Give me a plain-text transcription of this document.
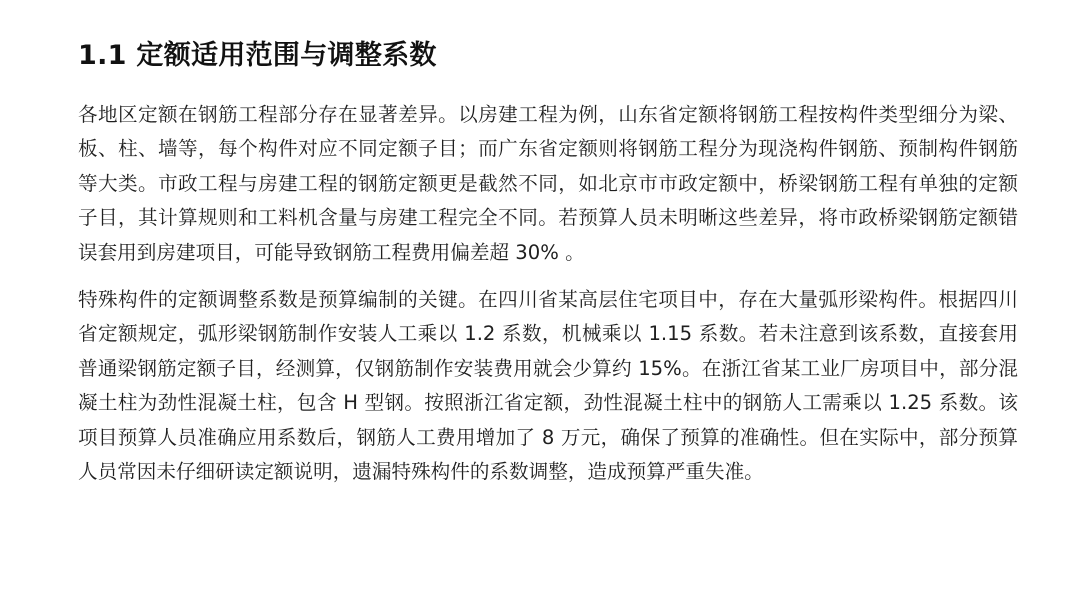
1.1 定额适用范围与调整系数

各地区定额在钢筋工程部分存在显著差异。以房建工程为例，山东省定额将钢筋工程按构件类型细分为梁、板、柱、墙等，每个构件对应不同定额子目；而广东省定额则将钢筋工程分为现浇构件钢筋、预制构件钢筋等大类。市政工程与房建工程的钢筋定额更是截然不同，如北京市市政定额中，桥梁钢筋工程有单独的定额子目，其计算规则和工料机含量与房建工程完全不同。若预算人员未明晰这些差异，将市政桥梁钢筋定额错误套用到房建项目，可能导致钢筋工程费用偏差超 30% 。

特殊构件的定额调整系数是预算编制的关键。在四川省某高层住宅项目中，存在大量弧形梁构件。根据四川省定额规定，弧形梁钢筋制作安装人工乘以 1.2 系数，机械乘以 1.15 系数。若未注意到该系数，直接套用普通梁钢筋定额子目，经测算，仅钢筋制作安装费用就会少算约 15%。在浙江省某工业厂房项目中，部分混凝土柱为劲性混凝土柱，包含 H 型钢。按照浙江省定额，劲性混凝土柱中的钢筋人工需乘以 1.25 系数。该项目预算人员准确应用系数后，钢筋人工费用增加了 8 万元，确保了预算的准确性。但在实际中，部分预算人员常因未仔细研读定额说明，遗漏特殊构件的系数调整，造成预算严重失准。
